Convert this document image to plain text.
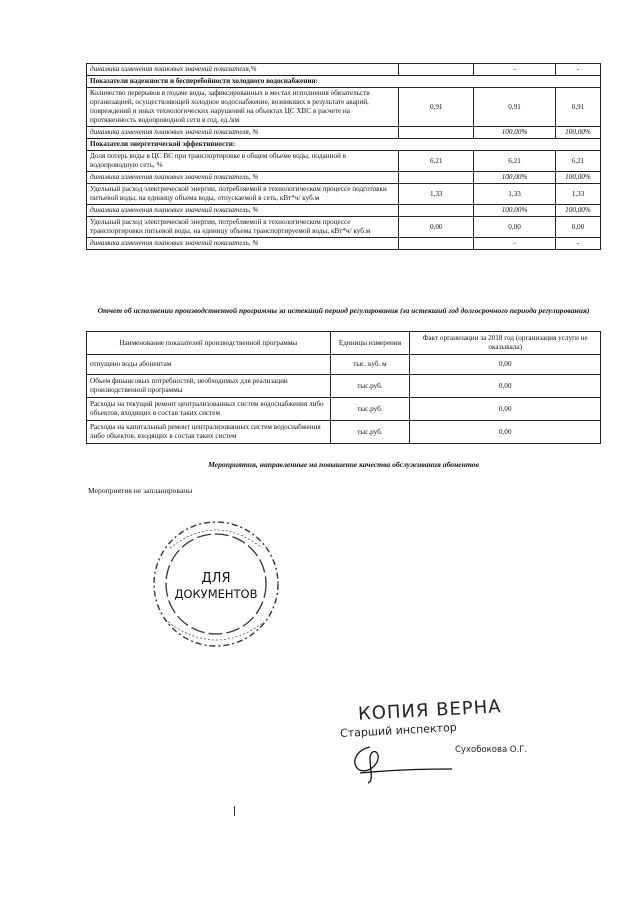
динамика изменения плановых значений показателя,%		-	-
Показатели надежности и бесперебойности холодного водоснабжения:			
Количество перерывов в подаче воды, зафиксированных в местах исполнения обязательств организацией, осуществляющей холодное водоснабжение, возникших в результате аварий, повреждений и иных технологических нарушений на объектах ЦС ХВС в расчете на протяженность водопроводной сети в год, ед./км	0,91	0,91	0,91
динамика изменения плановых значений показателя, %		100,00%	100,00%
Показатели энергетической эффективности:			
Доля потерь воды в ЦС ВС при транспортировке в общем объеме воды, поданной в водопроводную сеть, %	6,21	6,21	6,21
динамика изменения плановых значений показатель, %		100,00%	100,00%
Удельный расход электрической энергии, потребляемой в технологическом процессе подготовки питьевой воды, на единицу объема воды, отпускаемой в сеть, кВт*ч/ куб.м	1,33	1,33	1,33
динамика изменения плановых значений показатель, %		100,00%	100,00%
Удельный расход электрической энергии, потребляемой в технологическом процессе транспортировки питьевой воды, на единицу объема транспортируемой воды, кВт*ч/ куб.м	0,00	0,00	0,00
динамика изменения плановых значений показатель, %		-	-
Отчет об исполнении производственной программы за истекший период регулирования (за истекший год долгосрочного периода регулирования)
Наименование показателей производственной программы	Единицы измерения	Факт организации за 2018 год (организация услуги не оказывала)
отпущено воды абонентам	тыс. куб. м	0,00
Объем финансовых потребностей, необходимых для реализации производственной программы	тыс.руб.	0,00
Расходы на текущий ремонт централизованных систем водоснабжения либо объектов, входящих в состав таких систем	тыс.руб.	0,00
Расходы на капитальный ремонт централизованных систем водоснабжения либо объектов, входящих в состав таких систем	тыс.руб.	0,00
Мероприятия, направленные на повышение качества обслуживания абонентов
Мероприятия не запланированы
ДЛЯ
ДОКУМЕНТОВ
КОПИЯ ВЕРНА
Старший инспектор
Сухобокова О.Г.
